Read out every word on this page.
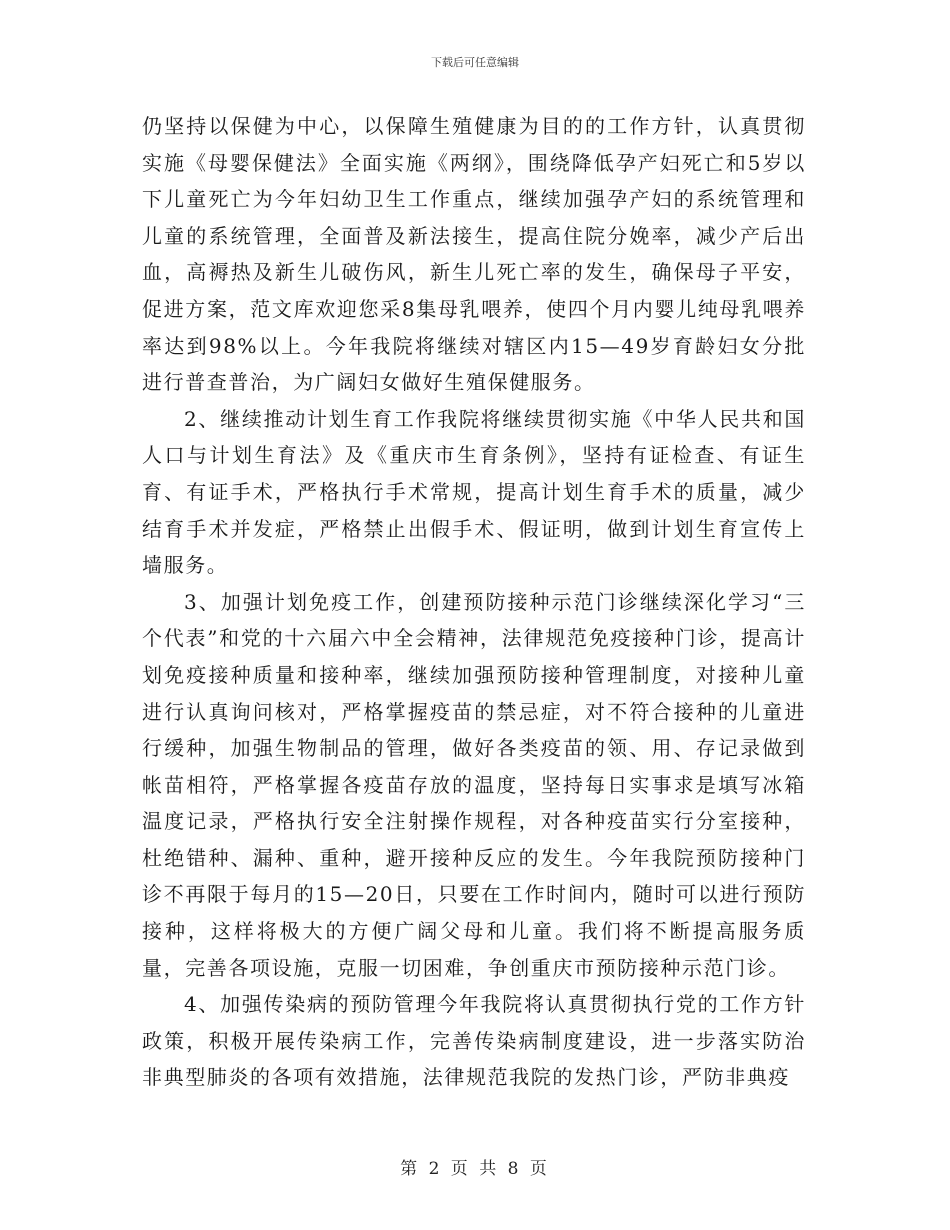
下载后可任意编辑

仍坚持以保健为中心，以保障生殖健康为目的的工作方针，认真贯彻实施《母婴保健法》全面实施《两纲》，围绕降低孕产妇死亡和5岁以下儿童死亡为今年妇幼卫生工作重点，继续加强孕产妇的系统管理和儿童的系统管理，全面普及新法接生，提高住院分娩率，减少产后出血，高褥热及新生儿破伤风，新生儿死亡率的发生，确保母子平安，促进方案，范文库欢迎您采8集母乳喂养，使四个月内婴儿纯母乳喂养率达到98%以上。今年我院将继续对辖区内15—49岁育龄妇女分批进行普查普治，为广阔妇女做好生殖保健服务。

2、继续推动计划生育工作我院将继续贯彻实施《中华人民共和国人口与计划生育法》及《重庆市生育条例》，坚持有证检查、有证生育、有证手术，严格执行手术常规，提高计划生育手术的质量，减少结育手术并发症，严格禁止出假手术、假证明，做到计划生育宣传上墙服务。

3、加强计划免疫工作，创建预防接种示范门诊继续深化学习“三个代表”和党的十六届六中全会精神，法律规范免疫接种门诊，提高计划免疫接种质量和接种率，继续加强预防接种管理制度，对接种儿童进行认真询问核对，严格掌握疫苗的禁忌症，对不符合接种的儿童进行缓种，加强生物制品的管理，做好各类疫苗的领、用、存记录做到帐苗相符，严格掌握各疫苗存放的温度，坚持每日实事求是填写冰箱温度记录，严格执行安全注射操作规程，对各种疫苗实行分室接种，杜绝错种、漏种、重种，避开接种反应的发生。今年我院预防接种门诊不再限于每月的15—20日，只要在工作时间内，随时可以进行预防接种，这样将极大的方便广阔父母和儿童。我们将不断提高服务质量，完善各项设施，克服一切困难，争创重庆市预防接种示范门诊。

4、加强传染病的预防管理今年我院将认真贯彻执行党的工作方针政策，积极开展传染病工作，完善传染病制度建设，进一步落实防治非典型肺炎的各项有效措施，法律规范我院的发热门诊，严防非典疫

第 2 页 共 8 页
